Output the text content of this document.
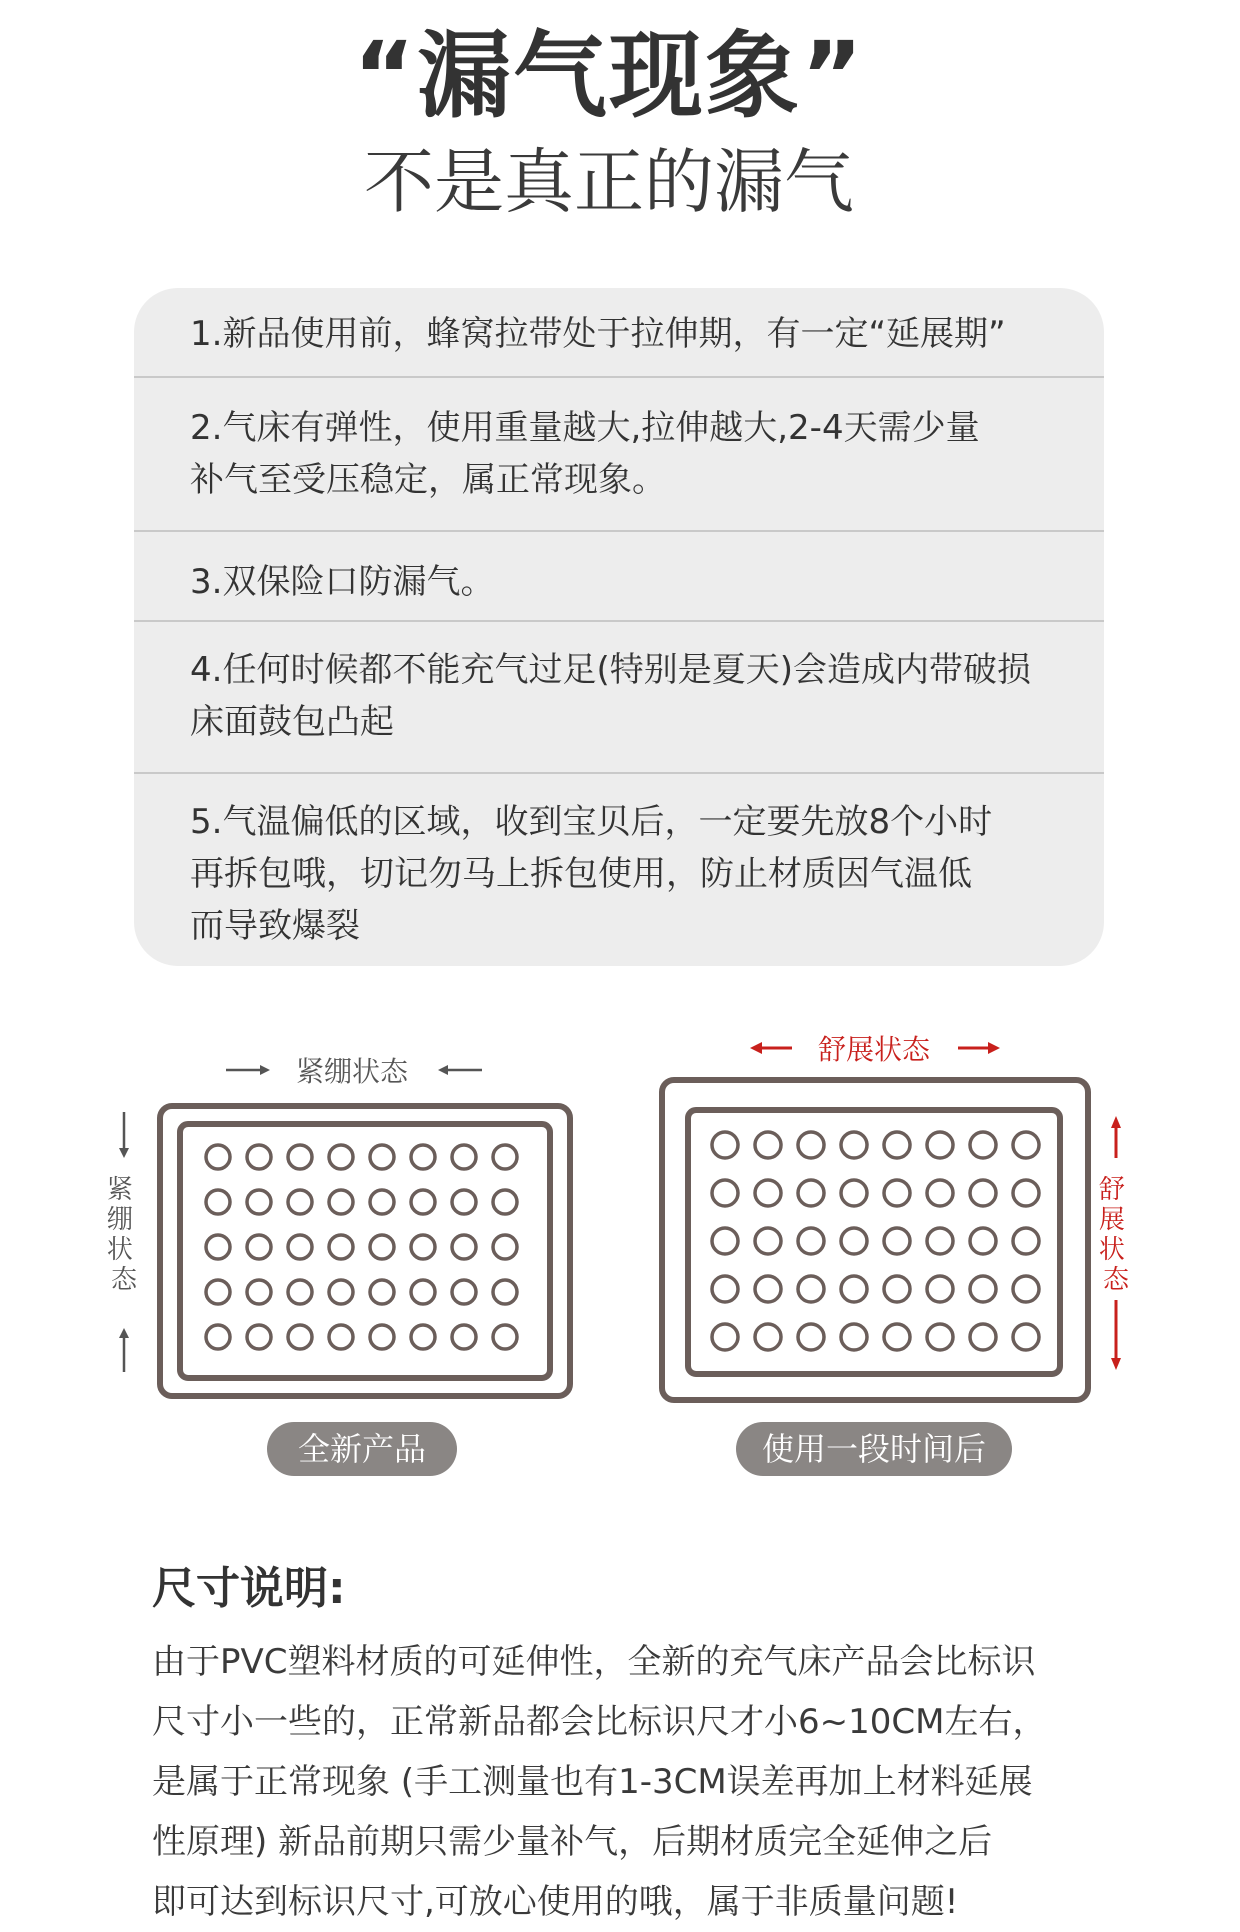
“漏气现象”
不是真正的漏气
1.新品使用前，蜂窝拉带处于拉伸期，有一定“延展期”
2.气床有弹性，使用重量越大,拉伸越大,2-4天需少量
补气至受压稳定，属正常现象。
3.双保险口防漏气。
4.任何时候都不能充气过足(特别是夏天)会造成内带破损
床面鼓包凸起
5.气温偏低的区域，收到宝贝后，一定要先放8个小时
再拆包哦，切记勿马上拆包使用，防止材质因气温低
而导致爆裂
紧绷状态
紧 绷 状 态
全新产品
舒展状态
舒 展 状 态
使用一段时间后
尺寸说明:
由于PVC塑料材质的可延伸性，全新的充气床产品会比标识
尺寸小一些的，正常新品都会比标识尺才小6~10CM左右，
是属于正常现象 (手工测量也有1-3CM误差再加上材料延展
性原理) 新品前期只需少量补气，后期材质完全延伸之后
即可达到标识尺寸,可放心使用的哦，属于非质量问题!
